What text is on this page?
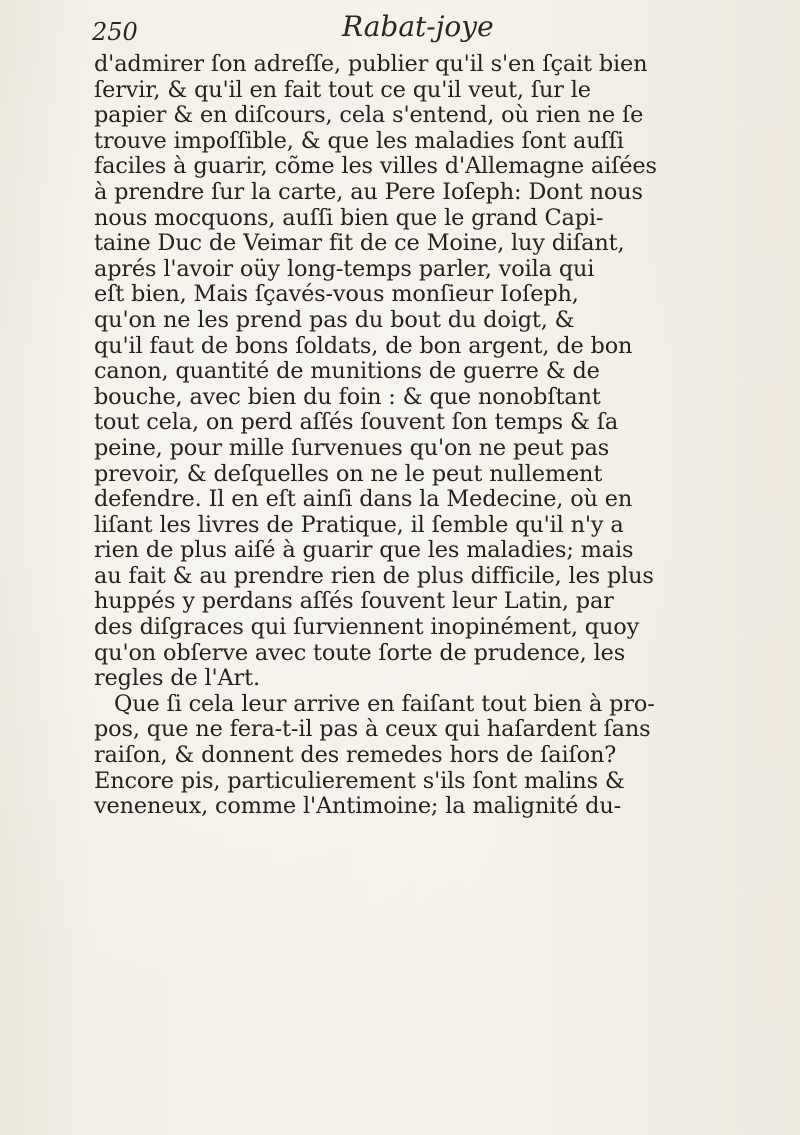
250	Rabat-joye
d'admirer ſon adreſſe, publier qu'il s'en ſçait bien
ſervir, & qu'il en fait tout ce qu'il veut, ſur le
papier & en diſcours, cela s'entend, où rien ne ſe
trouve impoſſible, & que les maladies ſont auſſi
faciles à guarir, cõme les villes d'Allemagne aiſées
à prendre ſur la carte, au Pere Ioſeph: Dont nous
nous mocquons, auſſi bien que le grand Capi-
taine Duc de Veimar fit de ce Moine, luy diſant,
aprés l'avoir oüy long-temps parler, voila qui
eſt bien, Mais ſçavés-vous monſieur Ioſeph,
qu'on ne les prend pas du bout du doigt, &
qu'il faut de bons ſoldats, de bon argent, de bon
canon, quantité de munitions de guerre & de
bouche, avec bien du foin : & que nonobſtant
tout cela, on perd aſſés ſouvent ſon temps & ſa
peine, pour mille ſurvenues qu'on ne peut pas
prevoir, & deſquelles on ne le peut nullement
defendre. Il en eſt ainſi dans la Medecine, où en
liſant les livres de Pratique, il ſemble qu'il n'y a
rien de plus aiſé à guarir que les maladies; mais
au fait & au prendre rien de plus difficile, les plus
huppés y perdans aſſés ſouvent leur Latin, par
des diſgraces qui ſurviennent inopinément, quoy
qu'on obſerve avec toute ſorte de prudence, les
regles de l'Art.
Que ſi cela leur arrive en faiſant tout bien à pro-
pos, que ne fera-t-il pas à ceux qui haſardent ſans
raiſon, & donnent des remedes hors de ſaiſon?
Encore pis, particulierement s'ils ſont malins &
veneneux, comme l'Antimoine; la malignité du-
